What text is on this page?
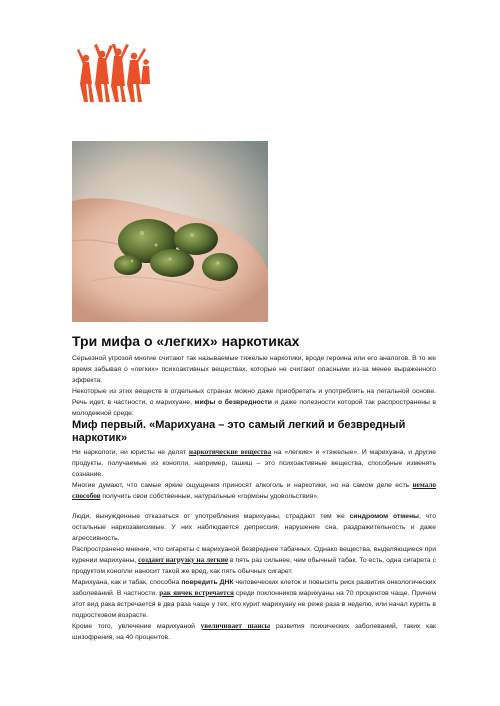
Три мифа о «легких» наркотиках

Серьезной угрозой многие считают так называемые тяжелые наркотики, вроде героина или его аналогов. В то же время забывая о «легких» психоактивных веществах, которые не считают опасными из-за менее выраженного эффекта.

Некоторые из этих веществ в отдельных странах можно даже приобретать и употреблять на легальной основе. Речь идет, в частности, о марихуане, мифы о безвредности и даже полезности которой так распространены в молодежной среде.

Миф первый. «Марихуана – это самый легкий и безвредный наркотик»

Ни наркологи, ни юристы не делят наркотические вещества на «легкие» и «тяжелые». И марихуана, и другие продукты, получаемые из конопли, например, гашиш – это психоактивные вещества, способные изменять сознание.

Многие думают, что самые яркие ощущения приносят алкоголь и наркотики, но на самом деле есть немало способов получить свои собственные, натуральные «гормоны удовольствия».

Люди, вынужденные отказаться от употребления марихуаны, страдают тем же синдромом отмены, что остальные наркозависимые. У них наблюдается депрессия, нарушение сна, раздражительность и даже агрессивность.

Распространено мнение, что сигареты с марихуаной безвреднее табачных. Однако вещества, выделяющиеся при курении марихуаны, создают нагрузку на легкие в пять раз сильнее, чем обычный табак. То есть, одна сигарета с продуктом конопли наносит такой же вред, как пять обычных сигарет.

Марихуана, как и табак, способна повредить ДНК человеческих клеток и повысить риск развития онкологических заболеваний. В частности, рак яичек встречается среди поклонников марихуаны на 70 процентов чаще. Причем этот вид рака встречается в два раза чаще у тех, кто курит марихуану не реже раза в неделю, или начал курить в подростковом возрасте.

Кроме того, увлечение марихуаной увеличивает шансы развития психических заболеваний, таких как шизофрения, на 40 процентов.
